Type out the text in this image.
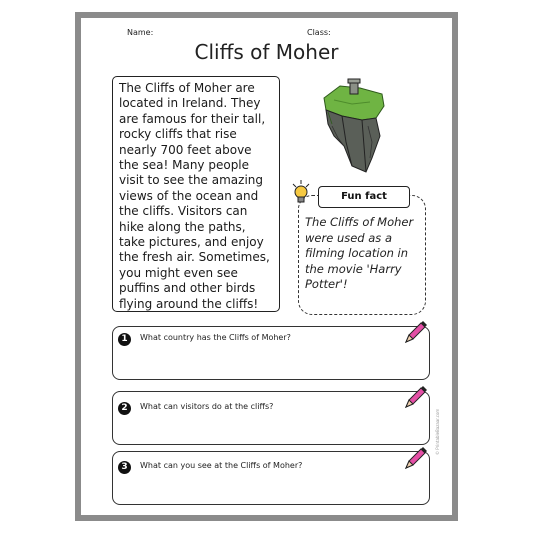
Name:	Class:
Cliffs of Moher
The Cliffs of Moher are located in Ireland. They are famous for their tall, rocky cliffs that rise nearly 700 feet above the sea! Many people visit to see the amazing views of the ocean and the cliffs. Visitors can hike along the paths, take pictures, and enjoy the fresh air. Sometimes, you might even see puffins and other birds flying around the cliffs!
Fun fact
The Cliffs of Moher were used as a filming location in the movie 'Harry Potter'!
1	What country has the Cliffs of Moher?
2	What can visitors do at the cliffs?
3	What can you see at the Cliffs of Moher?
© PrintableBazaar.com
